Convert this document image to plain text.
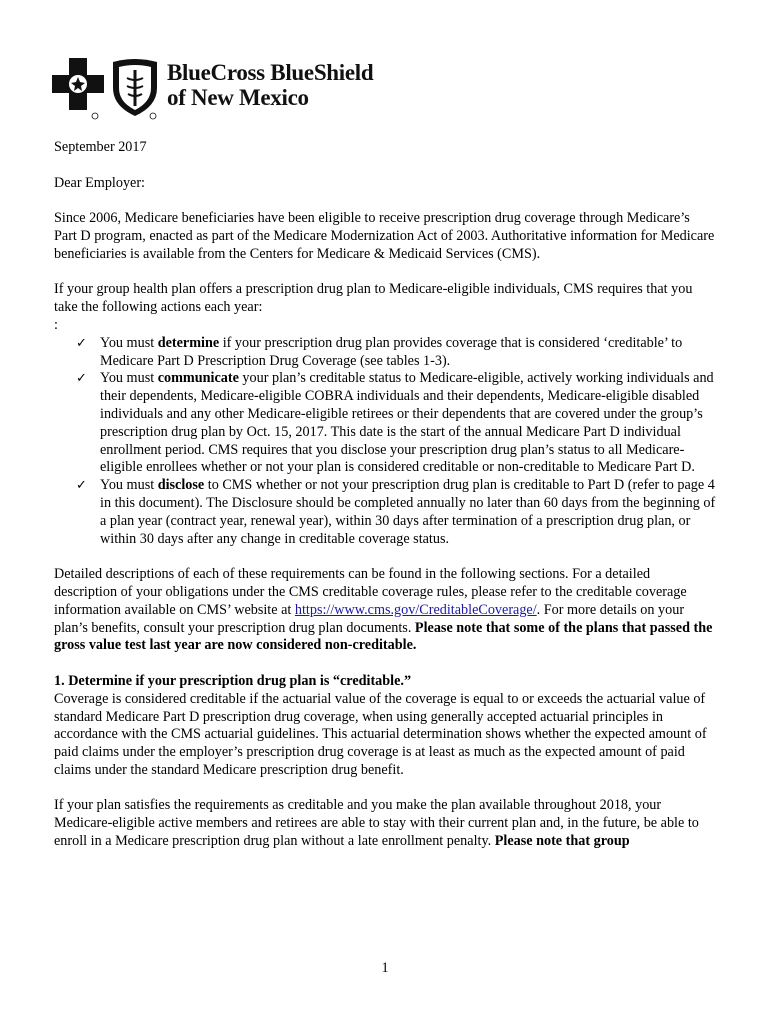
BlueCross BlueShield
of New Mexico

September 2017

Dear Employer:

Since 2006, Medicare beneficiaries have been eligible to receive prescription drug coverage through Medicare’s Part D program, enacted as part of the Medicare Modernization Act of 2003. Authoritative information for Medicare beneficiaries is available from the Centers for Medicare & Medicaid Services (CMS).

If your group health plan offers a prescription drug plan to Medicare-eligible individuals, CMS requires that you take the following actions each year:

:

✓ You must determine if your prescription drug plan provides coverage that is considered ‘creditable’ to Medicare Part D Prescription Drug Coverage (see tables 1-3).
✓ You must communicate your plan’s creditable status to Medicare-eligible, actively working individuals and their dependents, Medicare-eligible COBRA individuals and their dependents, Medicare-eligible disabled individuals and any other Medicare-eligible retirees or their dependents that are covered under the group’s prescription drug plan by Oct. 15, 2017. This date is the start of the annual Medicare Part D individual enrollment period. CMS requires that you disclose your prescription drug plan’s status to all Medicare-eligible enrollees whether or not your plan is considered creditable or non-creditable to Medicare Part D.
✓ You must disclose to CMS whether or not your prescription drug plan is creditable to Part D (refer to page 4 in this document). The Disclosure should be completed annually no later than 60 days from the beginning of a plan year (contract year, renewal year), within 30 days after termination of a prescription drug plan, or within 30 days after any change in creditable coverage status.

Detailed descriptions of each of these requirements can be found in the following sections. For a detailed description of your obligations under the CMS creditable coverage rules, please refer to the creditable coverage information available on CMS’ website at https://www.cms.gov/CreditableCoverage/. For more details on your plan’s benefits, consult your prescription drug plan documents. Please note that some of the plans that passed the gross value test last year are now considered non-creditable.

1. Determine if your prescription drug plan is “creditable.”

Coverage is considered creditable if the actuarial value of the coverage is equal to or exceeds the actuarial value of standard Medicare Part D prescription drug coverage, when using generally accepted actuarial principles in accordance with the CMS actuarial guidelines. This actuarial determination shows whether the expected amount of paid claims under the employer’s prescription drug coverage is at least as much as the expected amount of paid claims under the standard Medicare prescription drug benefit.

If your plan satisfies the requirements as creditable and you make the plan available throughout 2018, your Medicare-eligible active members and retirees are able to stay with their current plan and, in the future, be able to enroll in a Medicare prescription drug plan without a late enrollment penalty. Please note that group

1
